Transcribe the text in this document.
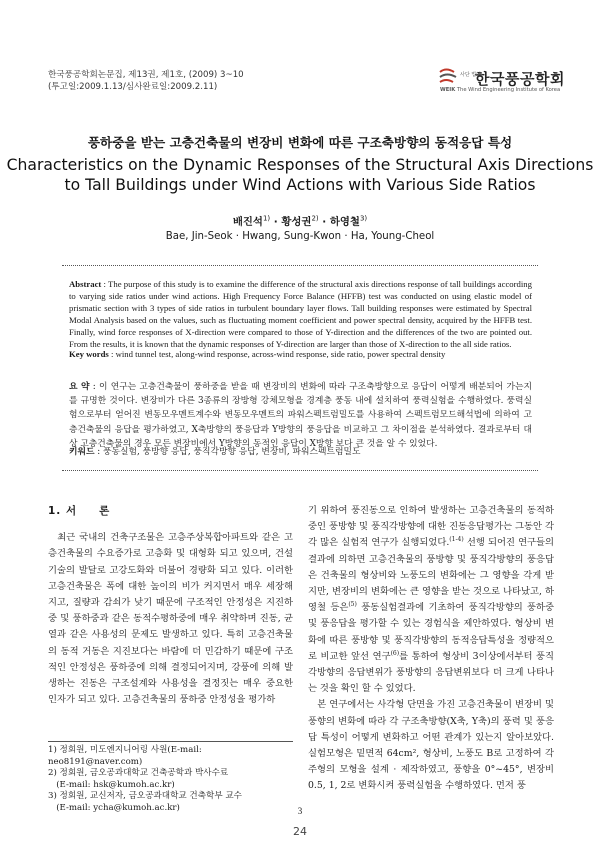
한국풍공학회논문집, 제13권, 제1호, (2009) 3~10
(투고일:2009.1.13/심사완료일:2009.2.11)
사단 법인
한국풍공학회
WEIK The Wind Engineering Institute of Korea
풍하중을 받는 고층건축물의 변장비 변화에 따른 구조축방향의 동적응답 특성
Characteristics on the Dynamic Responses of the Structural Axis Directions
to Tall Buildings under Wind Actions with Various Side Ratios
배진석$^{1)}$ · 황성권$^{2)}$ · 하영철$^{3)}$
Bae, Jin-Seok · Hwang, Sung-Kwon · Ha, Young-Cheol
Abstract : The purpose of this study is to examine the difference of the structural axis directions response of tall buildings according to varying side ratios under wind actions. High Frequency Force Balance (HFFB) test was conducted on using elastic model of prismatic section with 3 types of side ratios in turbulent boundary layer flows. Tall building responses were estimated by Spectral Modal Analysis based on the values, such as fluctuating moment coefficient and power spectral density, acquired by the HFFB test. Finally, wind force responses of X-direction were compared to those of Y-direction and the differences of the two are pointed out. From the results, it is known that the dynamic responses of Y-direction are larger than those of X-direction to the all side ratios.
Key words : wind tunnel test, along-wind response, across-wind response, side ratio, power spectral density
요 약 : 이 연구는 고층건축물이 풍하중을 받을 때 변장비의 변화에 따라 구조축방향으로 응답이 어떻게 배분되어 가는지를 규명한 것이다. 변장비가 다른 3종류의 장방형 강체모형을 경계층 풍동 내에 설치하여 풍력실험을 수행하였다. 풍력실험으로부터 얻어진 변동모우멘트계수와 변동모우멘트의 파워스펙트럼밀도를 사용하여 스펙트럼모드해석법에 의하여 고층건축물의 응답을 평가하였고, X축방향의 풍응답과 Y방향의 풍응답을 비교하고 그 차이점을 분석하였다. 결과로부터 대상 고층건축물의 경우 모든 변장비에서 Y방향의 동적인 응답이 X방향 보다 큰 것을 알 수 있었다.
키워드 : 풍동실험, 풍방향 응답, 풍직각방향 응답, 변장비, 파워스펙트럼밀도
1. 서 론
최근 국내의 건축구조물은 고층주상복합아파트와 같은 고층건축물의 수요증가로 고층화 및 대형화 되고 있으며, 건설기술의 발달로 고강도화와 더불어 경량화 되고 있다. 이러한 고층건축물은 폭에 대한 높이의 비가 커지면서 매우 세장해지고, 질량과 감쇠가 낮기 때문에 구조적인 안정성은 지진하중 및 풍하중과 같은 동적수평하중에 매우 취약하며 진동, 균열과 같은 사용성의 문제도 발생하고 있다. 특히 고층건축물의 동적 거동은 지진보다는 바람에 더 민감하기 때문에 구조적인 안정성은 풍하중에 의해 결정되어지며, 강풍에 의해 발생하는 진동은 구조설계와 사용성을 결정짓는 매우 중요한 인자가 되고 있다. 고층건축물의 풍하중 안정성을 평가하
기 위하여 풍진동으로 인하여 발생하는 고층건축물의 동적하중인 풍방향 및 풍직각방향에 대한 진동응답평가는 그동안 각각 많은 실험적 연구가 실행되었다.$^{(1-4)}$ 선행 되어진 연구들의 결과에 의하면 고층건축물의 풍방향 및 풍직각방향의 풍응답은 건축물의 형상비와 노풍도의 변화에는 그 영향을 각게 받지만, 변장비의 변화에는 큰 영향을 받는 것으로 나타났고, 하영철 등은$^{(5)}$ 풍동실험결과에 기초하여 풍직각방향의 풍하중 및 풍응답을 평가할 수 있는 경험식을 제안하였다. 형상비 변화에 따른 풍방향 및 풍직각방향의 동적응답특성을 정량적으로 비교한 앞선 연구$^{(6)}$를 통하여 형상비 3이상에서부터 풍직각방향의 응답변위가 풍방향의 응답변위보다 더 크게 나타나는 것을 확인 할 수 있었다.
본 연구에서는 사각형 단면을 가진 고층건축물이 변장비 및 풍향의 변화에 따라 각 구조축방향(X축, Y축)의 풍력 및 풍응답 특성이 어떻게 변화하고 어떤 관계가 있는지 알아보았다. 실험모형은 밑면적 64cm², 형상비, 노풍도 B로 고정하여 각주형의 모형을 설계 · 제작하였고, 풍향을 0°~45°, 변장비 0.5, 1, 2로 변화시켜 풍력실험을 수행하였다. 먼저 풍
1) 정회원, 미도엔지니어링 사원(E-mail: neo8191@naver.com)
2) 정회원, 금오공과대학교 건축공학과 박사수료
(E-mail: hsk@kumoh.ac.kr)
3) 정회원, 교신저자, 금오공과대학교 건축학부 교수
(E-mail: ycha@kumoh.ac.kr)	3
24
